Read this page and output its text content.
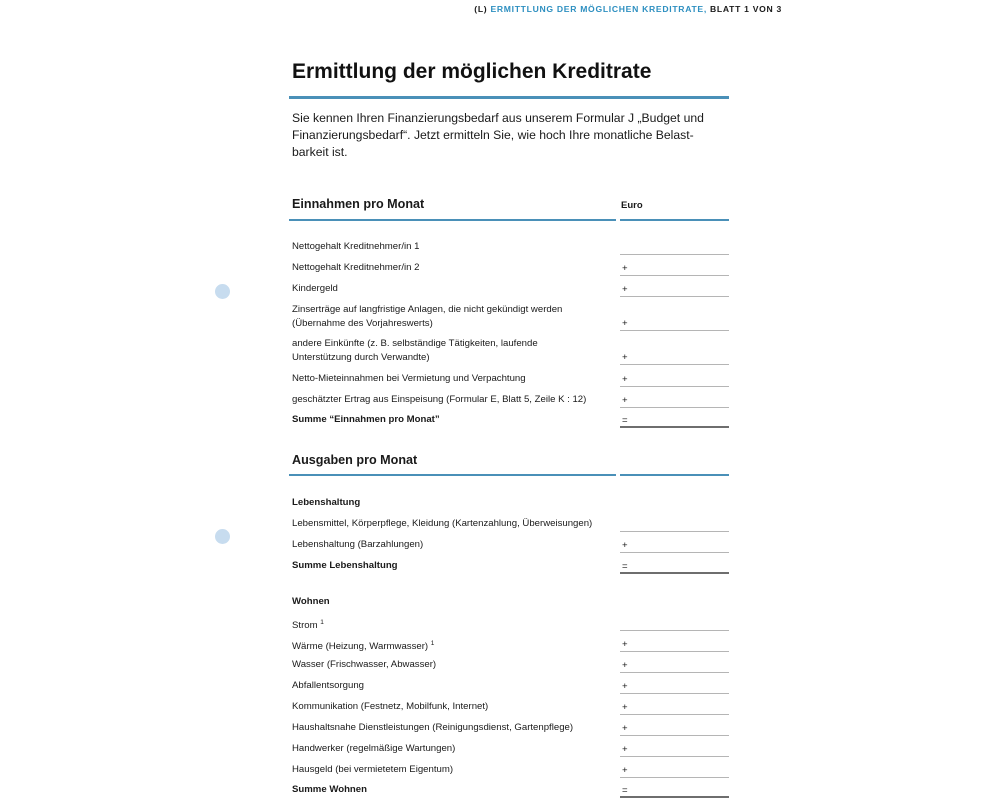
(L) ERMITTLUNG DER MÖGLICHEN KREDITRATE, BLATT 1 VON 3
Ermittlung der möglichen Kreditrate

Sie kennen Ihren Finanzierungsbedarf aus unserem Formular J „Budget und
Finanzierungsbedarf“. Jetzt ermitteln Sie, wie hoch Ihre monatliche Belast-
barkeit ist.

Einnahmen pro Monat	Euro
Nettogehalt Kreditnehmer/in 1
Nettogehalt Kreditnehmer/in 2	+
Kindergeld	+
Zinserträge auf langfristige Anlagen, die nicht gekündigt werden
(Übernahme des Vorjahreswerts)	+
andere Einkünfte (z. B. selbständige Tätigkeiten, laufende
Unterstützung durch Verwandte)	+
Netto-Mieteinnahmen bei Vermietung und Verpachtung	+
geschätzter Ertrag aus Einspeisung (Formular E, Blatt 5, Zeile K : 12)	+
Summe “Einnahmen pro Monat”	=
Ausgaben pro Monat
Lebenshaltung
Lebensmittel, Körperpflege, Kleidung (Kartenzahlung, Überweisungen)
Lebenshaltung (Barzahlungen)	+
Summe Lebenshaltung	=
Wohnen
Strom $^1$
Wärme (Heizung, Warmwasser) $^1$	+
Wasser (Frischwasser, Abwasser)	+
Abfallentsorgung	+
Kommunikation (Festnetz, Mobilfunk, Internet)	+
Haushaltsnahe Dienstleistungen (Reinigungsdienst, Gartenpflege)	+
Handwerker (regelmäßige Wartungen)	+
Hausgeld (bei vermietetem Eigentum)	+
Summe Wohnen	=
